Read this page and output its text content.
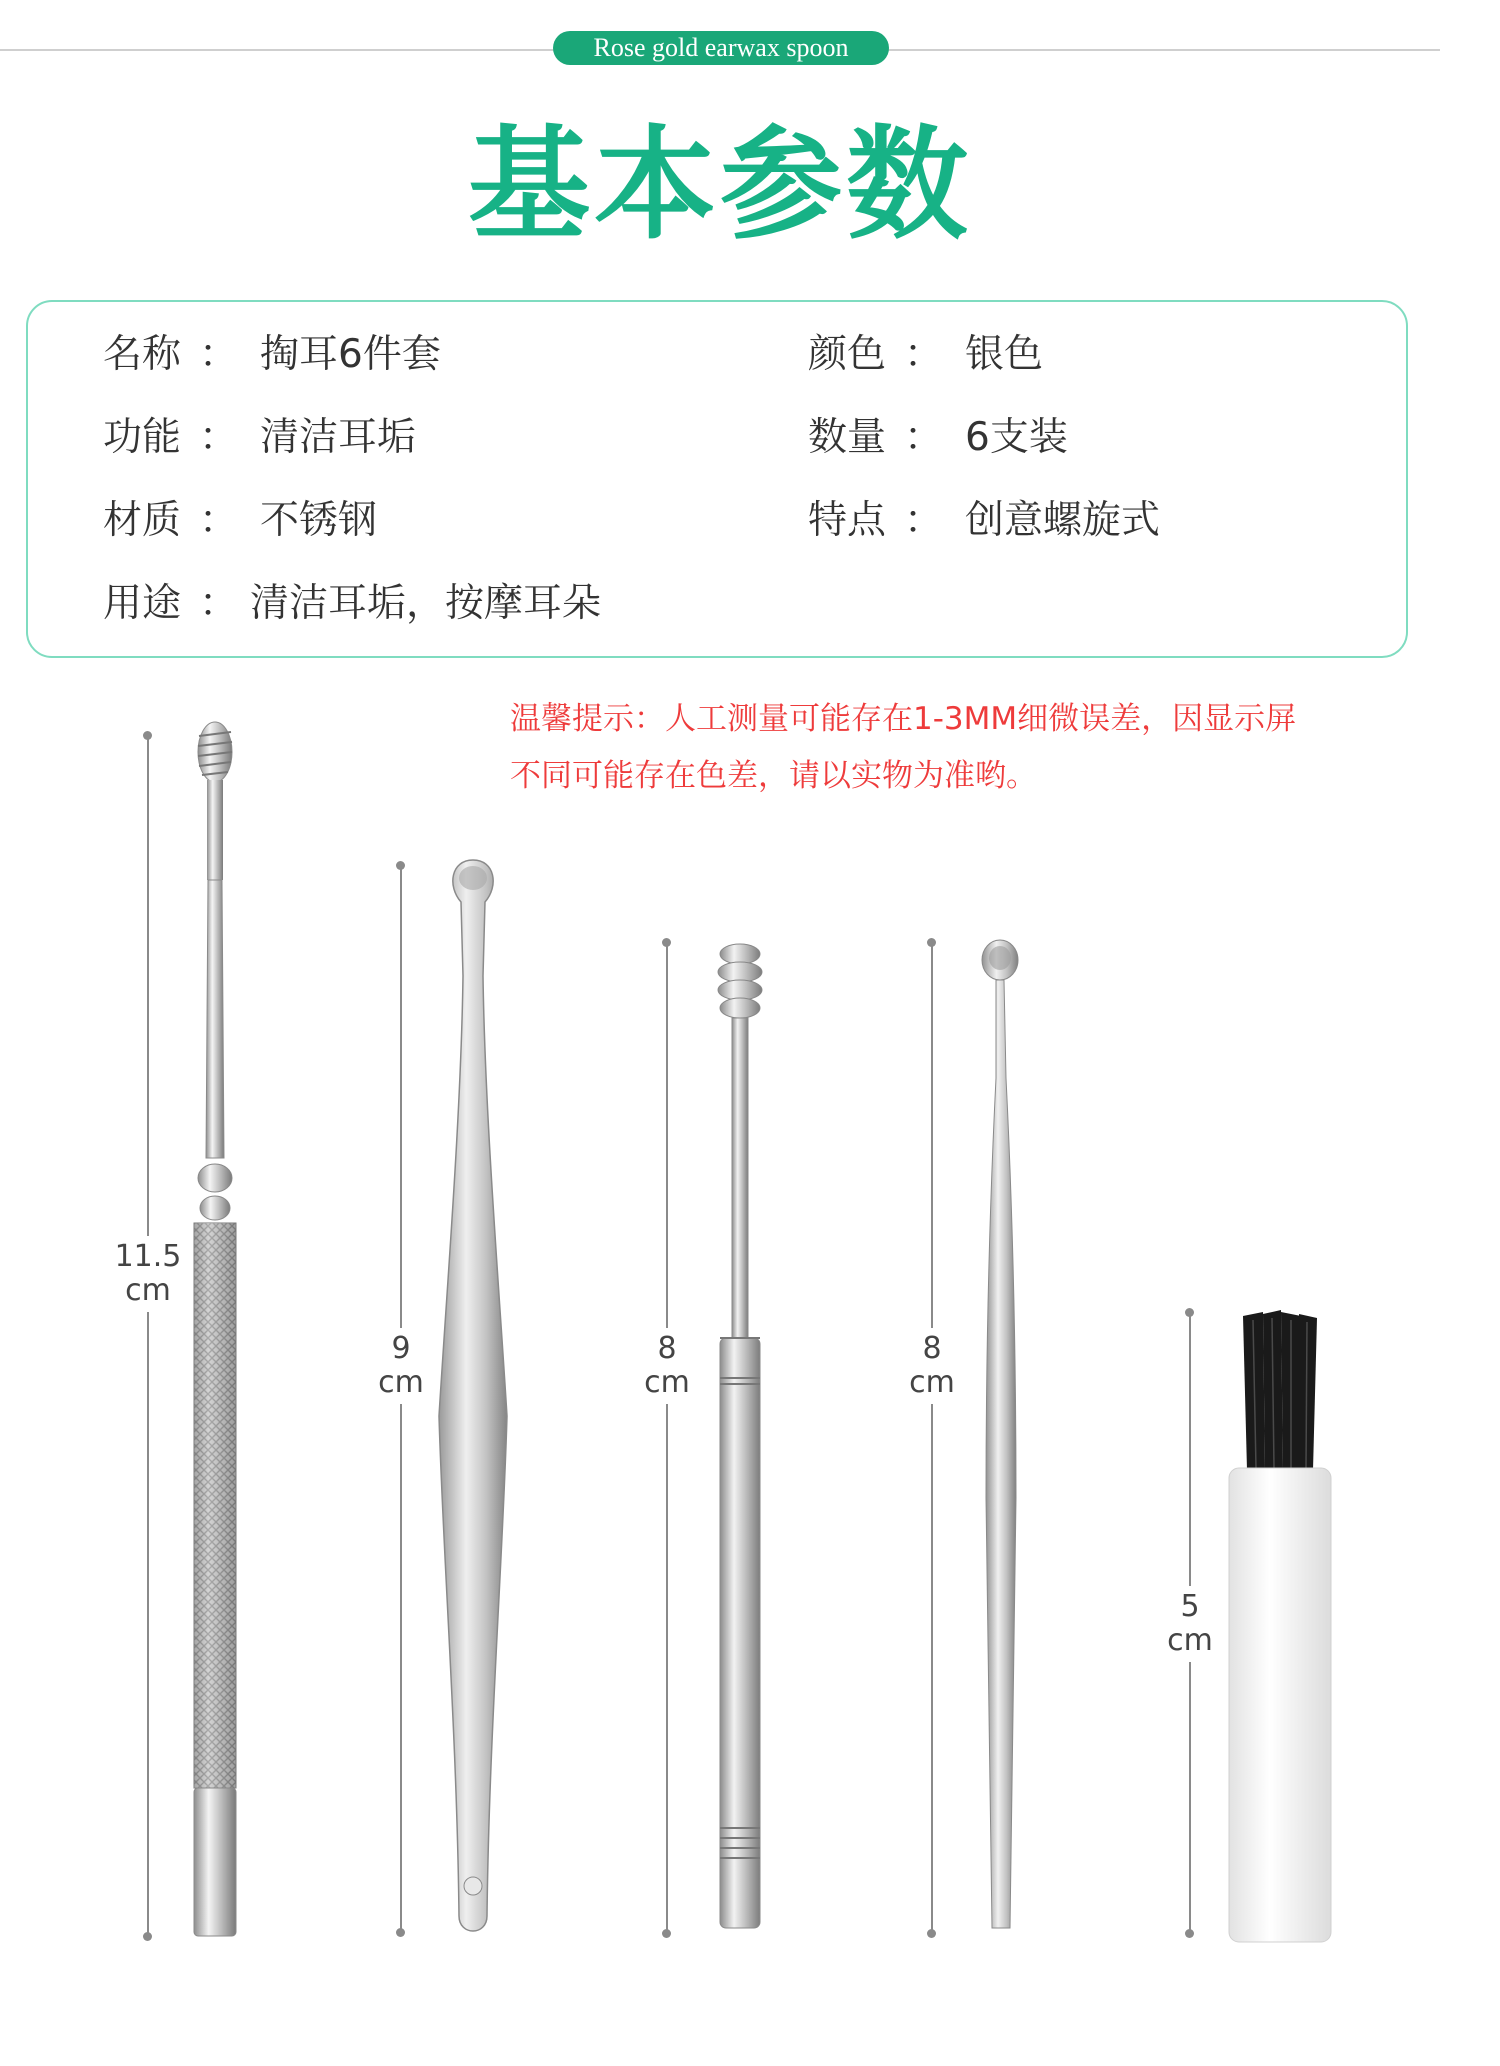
Rose gold earwax spoon
基本参数
名称 ： 掏耳6件套	颜色 ： 银色
功能 ： 清洁耳垢	数量 ： 6支装
材质 ： 不锈钢	特点 ： 创意螺旋式
用途 ： 清洁耳垢，按摩耳朵
温馨提示：人工测量可能存在1-3MM细微误差，因显示屏
不同可能存在色差，请以实物为准哟。
11.5
cm
9
cm
8
cm
8
cm
5
cm
